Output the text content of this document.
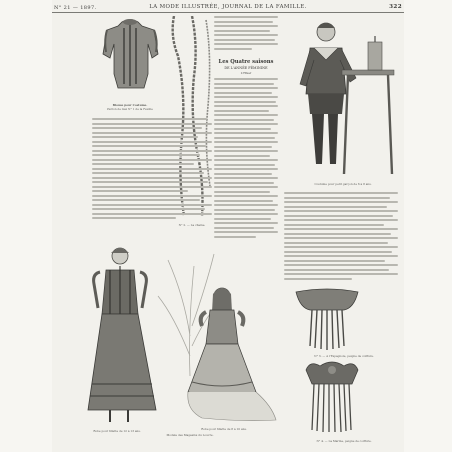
N° 21 — 1897.	LA MODE ILLUSTRÉE, JOURNAL DE LA FAMILLE.	322
Blouse pour Costume.
Patron de Gaz N° 1 de la Feuille
N° 2. — La chaîne.
Les Quatre saisons
DE L'ANNÉE FÉMININE
L'Hiver
Costume pour petit garçon de 6 à 8 ans.
Robe pour fillette de 12 à 13 ans.	Robe pour fillette de 8 à 10 ans.
Modèle des Magasins du Louvre.
N° 3. — A l'Espagnole, peigne de coiffure.
N° 4. — La Marine, peigne de coiffure.
